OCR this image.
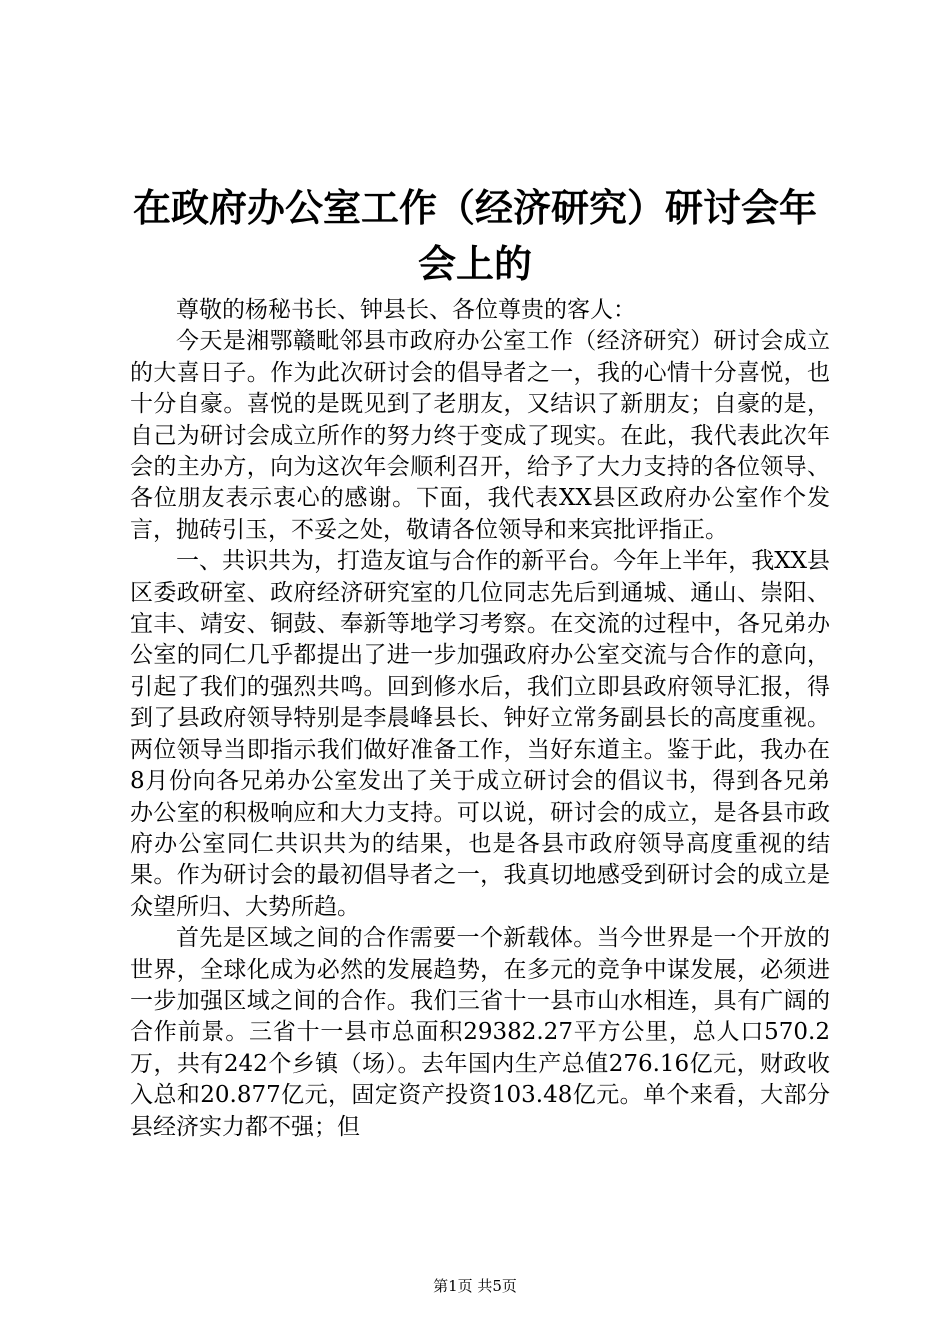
在政府办公室工作（经济研究）研讨会年会上的

尊敬的杨秘书长、钟县长、各位尊贵的客人：

今天是湘鄂赣毗邻县市政府办公室工作（经济研究）研讨会成立的大喜日子。作为此次研讨会的倡导者之一，我的心情十分喜悦，也十分自豪。喜悦的是既见到了老朋友，又结识了新朋友；自豪的是，自己为研讨会成立所作的努力终于变成了现实。在此，我代表此次年会的主办方，向为这次年会顺利召开，给予了大力支持的各位领导、各位朋友表示衷心的感谢。下面，我代表XX县区政府办公室作个发言，抛砖引玉，不妥之处，敬请各位领导和来宾批评指正。

一、共识共为，打造友谊与合作的新平台。今年上半年，我XX县区委政研室、政府经济研究室的几位同志先后到通城、通山、崇阳、宜丰、靖安、铜鼓、奉新等地学习考察。在交流的过程中，各兄弟办公室的同仁几乎都提出了进一步加强政府办公室交流与合作的意向，引起了我们的强烈共鸣。回到修水后，我们立即县政府领导汇报，得到了县政府领导特别是李晨峰县长、钟好立常务副县长的高度重视。两位领导当即指示我们做好准备工作，当好东道主。鉴于此，我办在8月份向各兄弟办公室发出了关于成立研讨会的倡议书，得到各兄弟办公室的积极响应和大力支持。可以说，研讨会的成立，是各县市政府办公室同仁共识共为的结果，也是各县市政府领导高度重视的结果。作为研讨会的最初倡导者之一，我真切地感受到研讨会的成立是众望所归、大势所趋。

首先是区域之间的合作需要一个新载体。当今世界是一个开放的世界，全球化成为必然的发展趋势，在多元的竞争中谋发展，必须进一步加强区域之间的合作。我们三省十一县市山水相连，具有广阔的合作前景。三省十一县市总面积29382.27平方公里，总人口570.2万，共有242个乡镇（场）。去年国内生产总值276.16亿元，财政收入总和20.877亿元，固定资产投资103.48亿元。单个来看，大部分县经济实力都不强；但

第1页 共5页
